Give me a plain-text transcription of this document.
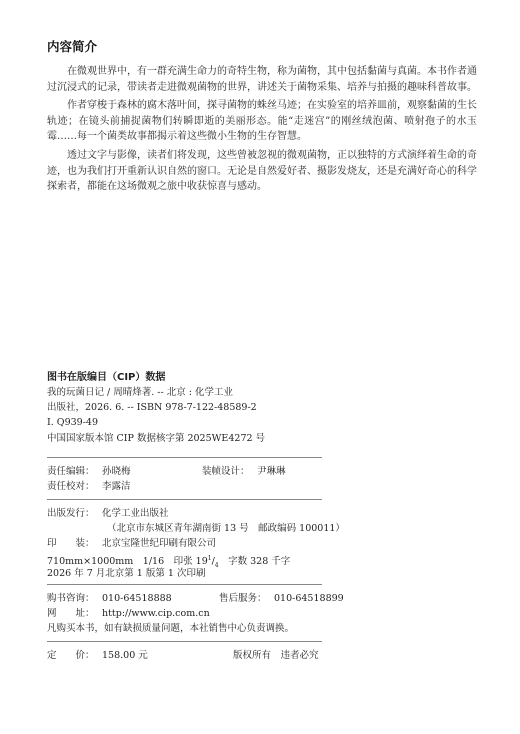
内容简介

在微观世界中，有一群充满生命力的奇特生物，称为菌物，其中包括黏菌与真菌。本书作者通过沉浸式的记录，带读者走进微观菌物的世界，讲述关于菌物采集、培养与拍摄的趣味科普故事。

作者穿梭于森林的腐木落叶间，探寻菌物的蛛丝马迹；在实验室的培养皿前，观察黏菌的生长轨迹；在镜头前捕捉菌物们转瞬即逝的美丽形态。能“走迷宫”的刚丝绒泡菌、喷射孢子的水玉霉……每一个菌类故事都揭示着这些微小生物的生存智慧。

透过文字与影像，读者们将发现，这些曾被忽视的微观菌物，正以独特的方式演绎着生命的奇迹，也为我们打开重新认识自然的窗口。无论是自然爱好者、摄影发烧友，还是充满好奇心的科学探索者，都能在这场微观之旅中收获惊喜与感动。

图书在版编目（CIP）数据
我的玩菌日记 / 周晴烽著. -- 北京 : 化学工业
出版社，2026. 6. -- ISBN 978-7-122-48589-2
Ⅰ. Q939-49
中国国家版本馆 CIP 数据核字第 2025WE4272 号
责任编辑： 孙晓梅	装帧设计： 尹琳琳
责任校对： 李露洁
出版发行： 化学工业出版社
（北京市东城区青年湖南街 13 号　邮政编码 100011）
印　　装： 北京宝隆世纪印刷有限公司
710mm×1000mm　1/16　印张 $19^1/_4$　字数 328 千字
2026 年 7 月北京第 1 版第 1 次印刷
购书咨询： 010-64518888	售后服务： 010-64518899
网　　址： http://www.cip.com.cn
凡购买本书，如有缺损质量问题，本社销售中心负责调换。
定　　价： 158.00 元	版权所有　违者必究
